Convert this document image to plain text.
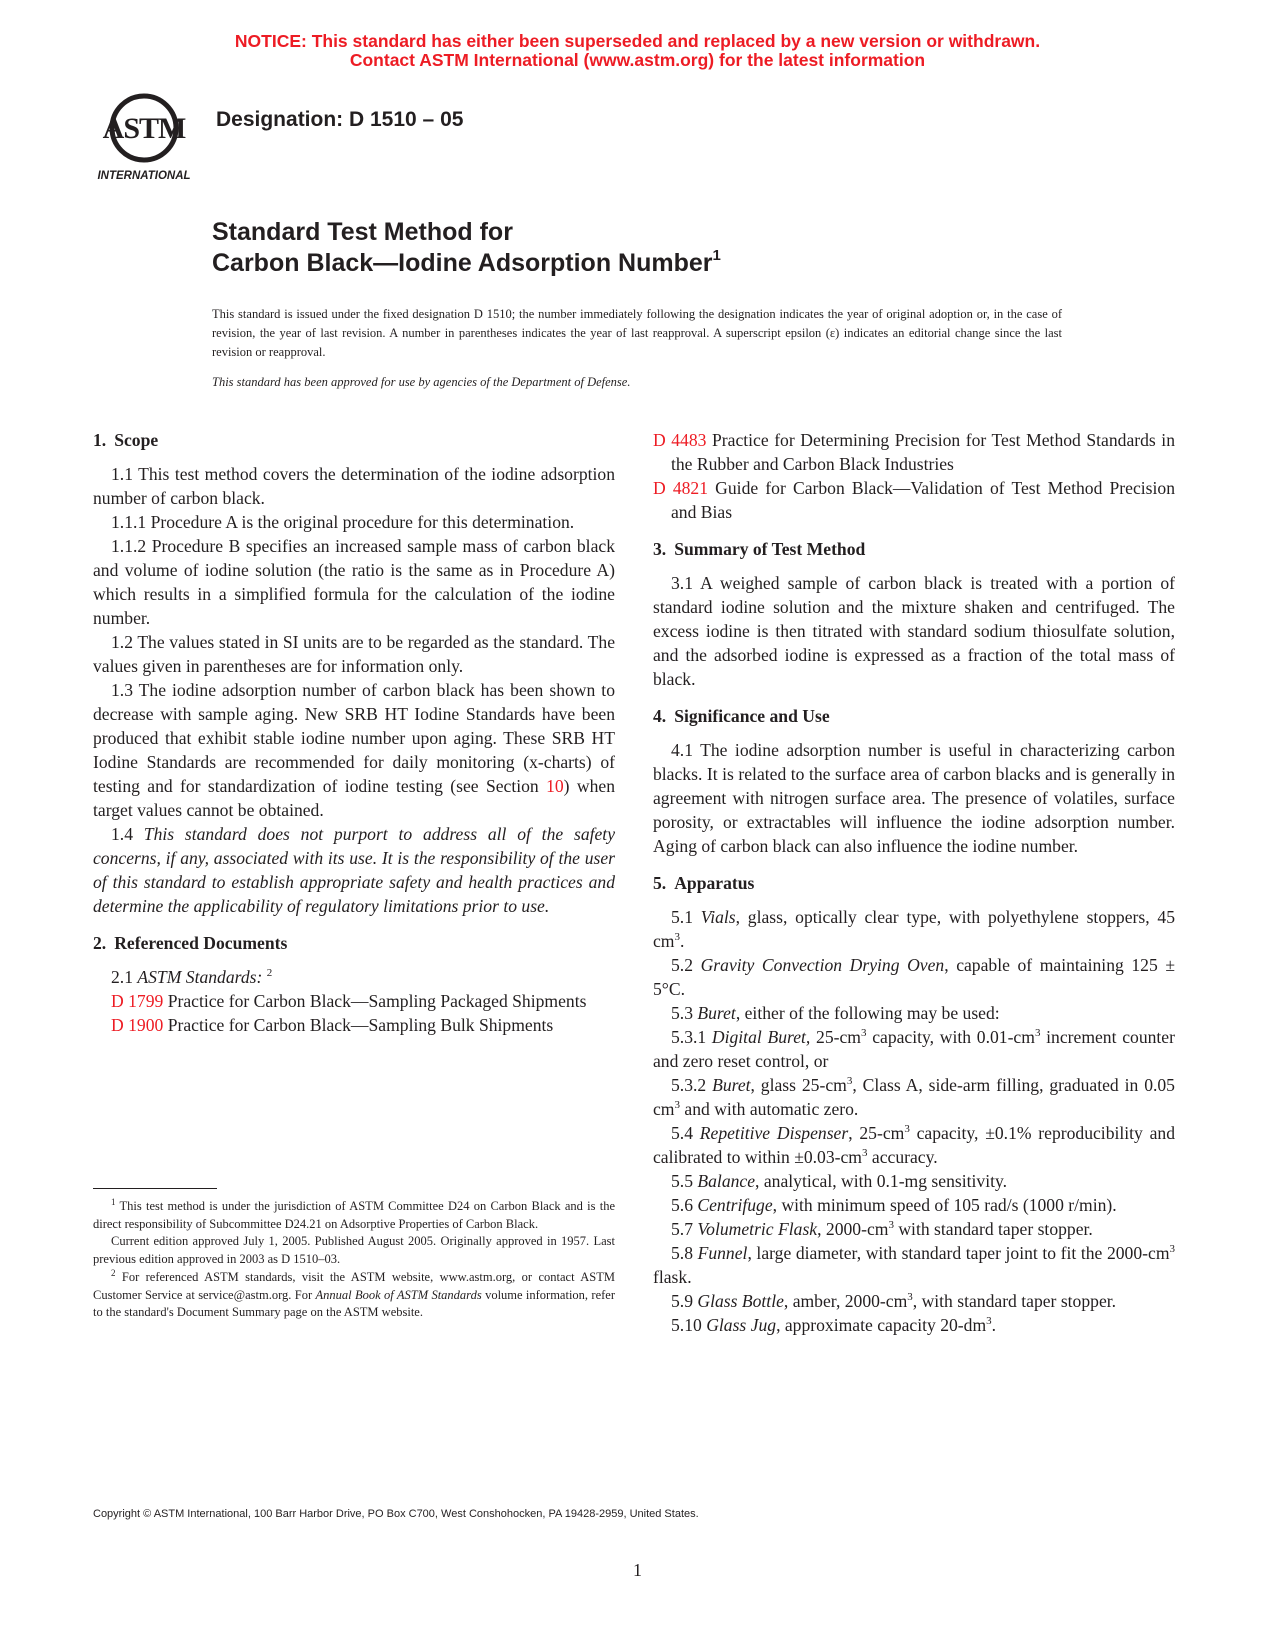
NOTICE: This standard has either been superseded and replaced by a new version or withdrawn.
Contact ASTM International (www.astm.org) for the latest information
ASTM
INTERNATIONAL
Designation: D 1510 – 05
Standard Test Method for
Carbon Black—Iodine Adsorption Number$^1$
This standard is issued under the fixed designation D 1510; the number immediately following the designation indicates the year of original adoption or, in the case of revision, the year of last revision. A number in parentheses indicates the year of last reapproval. A superscript epsilon (ε) indicates an editorial change since the last revision or reapproval.
This standard has been approved for use by agencies of the Department of Defense.
1. Scope

1.1 This test method covers the determination of the iodine adsorption number of carbon black.

1.1.1 Procedure A is the original procedure for this determination.

1.1.2 Procedure B specifies an increased sample mass of carbon black and volume of iodine solution (the ratio is the same as in Procedure A) which results in a simplified formula for the calculation of the iodine number.

1.2 The values stated in SI units are to be regarded as the standard. The values given in parentheses are for information only.

1.3 The iodine adsorption number of carbon black has been shown to decrease with sample aging. New SRB HT Iodine Standards have been produced that exhibit stable iodine number upon aging. These SRB HT Iodine Standards are recommended for daily monitoring (x-charts) of testing and for standardization of iodine testing (see Section 10) when target values cannot be obtained.

1.4 This standard does not purport to address all of the safety concerns, if any, associated with its use. It is the responsibility of the user of this standard to establish appropriate safety and health practices and determine the applicability of regulatory limitations prior to use.

2. Referenced Documents

2.1 ASTM Standards: $^2$

D 1799 Practice for Carbon Black—Sampling Packaged Shipments

D 1900 Practice for Carbon Black—Sampling Bulk Shipments

D 4483 Practice for Determining Precision for Test Method Standards in the Rubber and Carbon Black Industries

D 4821 Guide for Carbon Black—Validation of Test Method Precision and Bias

3. Summary of Test Method

3.1 A weighed sample of carbon black is treated with a portion of standard iodine solution and the mixture shaken and centrifuged. The excess iodine is then titrated with standard sodium thiosulfate solution, and the adsorbed iodine is expressed as a fraction of the total mass of black.

4. Significance and Use

4.1 The iodine adsorption number is useful in characterizing carbon blacks. It is related to the surface area of carbon blacks and is generally in agreement with nitrogen surface area. The presence of volatiles, surface porosity, or extractables will influence the iodine adsorption number. Aging of carbon black can also influence the iodine number.

5. Apparatus

5.1 Vials, glass, optically clear type, with polyethylene stoppers, 45 $cm^3$.

5.2 Gravity Convection Drying Oven, capable of maintaining 125 ± 5°C.

5.3 Buret, either of the following may be used:

5.3.1 Digital Buret, $25-cm^3$ capacity, with $0.01-cm^3$ increment counter and zero reset control, or

5.3.2 Buret, glass $25-cm^3$, Class A, side-arm filling, graduated in 0.05 $cm^3$ and with automatic zero.

5.4 Repetitive Dispenser, $25-cm^3$ capacity, ±0.1% reproducibility and calibrated to within $\pm 0.03-cm^3$ accuracy.

5.5 Balance, analytical, with 0.1-mg sensitivity.

5.6 Centrifuge, with minimum speed of 105 rad/s (1000 r/min).

5.7 Volumetric Flask, $2000-cm^3$ with standard taper stopper.

5.8 Funnel, large diameter, with standard taper joint to fit the $2000-cm^3$ flask.

5.9 Glass Bottle, amber, $2000-cm^3$, with standard taper stopper.

5.10 Glass Jug, approximate capacity $20-dm^3$.

$^1$ This test method is under the jurisdiction of ASTM Committee D24 on Carbon Black and is the direct responsibility of Subcommittee D24.21 on Adsorptive Properties of Carbon Black.

Current edition approved July 1, 2005. Published August 2005. Originally approved in 1957. Last previous edition approved in 2003 as D 1510–03.

$^2$ For referenced ASTM standards, visit the ASTM website, www.astm.org, or contact ASTM Customer Service at service@astm.org. For Annual Book of ASTM Standards volume information, refer to the standard's Document Summary page on the ASTM website.

Copyright © ASTM International, 100 Barr Harbor Drive, PO Box C700, West Conshohocken, PA 19428-2959, United States.
1
